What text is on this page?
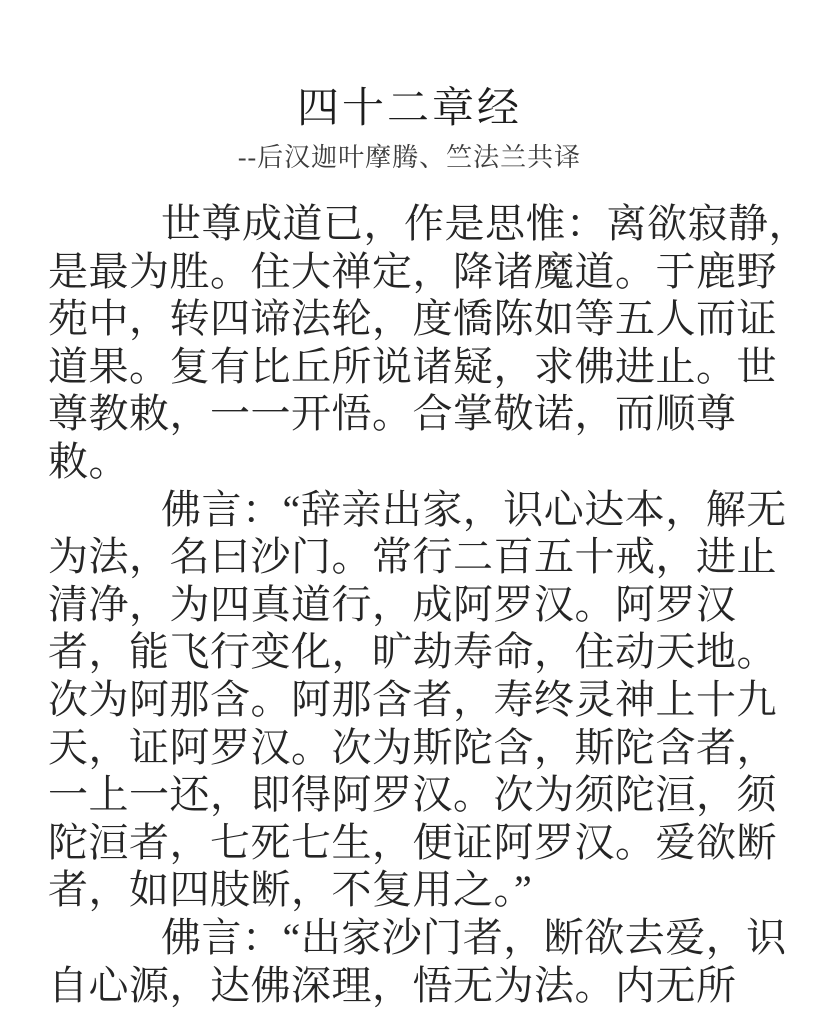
四十二章经
--后汉迦叶摩腾、竺法兰共译
世尊成道已，作是思惟：离欲寂静，
是最为胜。住大禅定，降诸魔道。于鹿野
苑中，转四谛法轮，度憍陈如等五人而证
道果。复有比丘所说诸疑，求佛进止。世
尊教敕，一一开悟。合掌敬诺，而顺尊
敕。
佛言：“辞亲出家，识心达本，解无
为法，名曰沙门。常行二百五十戒，进止
清净，为四真道行，成阿罗汉。阿罗汉
者，能飞行变化，旷劫寿命，住动天地。
次为阿那含。阿那含者，寿终灵神上十九
天，证阿罗汉。次为斯陀含，斯陀含者，
一上一还，即得阿罗汉。次为须陀洹，须
陀洹者，七死七生，便证阿罗汉。爱欲断
者，如四肢断，不复用之。”
佛言：“出家沙门者，断欲去爱，识
自心源，达佛深理，悟无为法。内无所
